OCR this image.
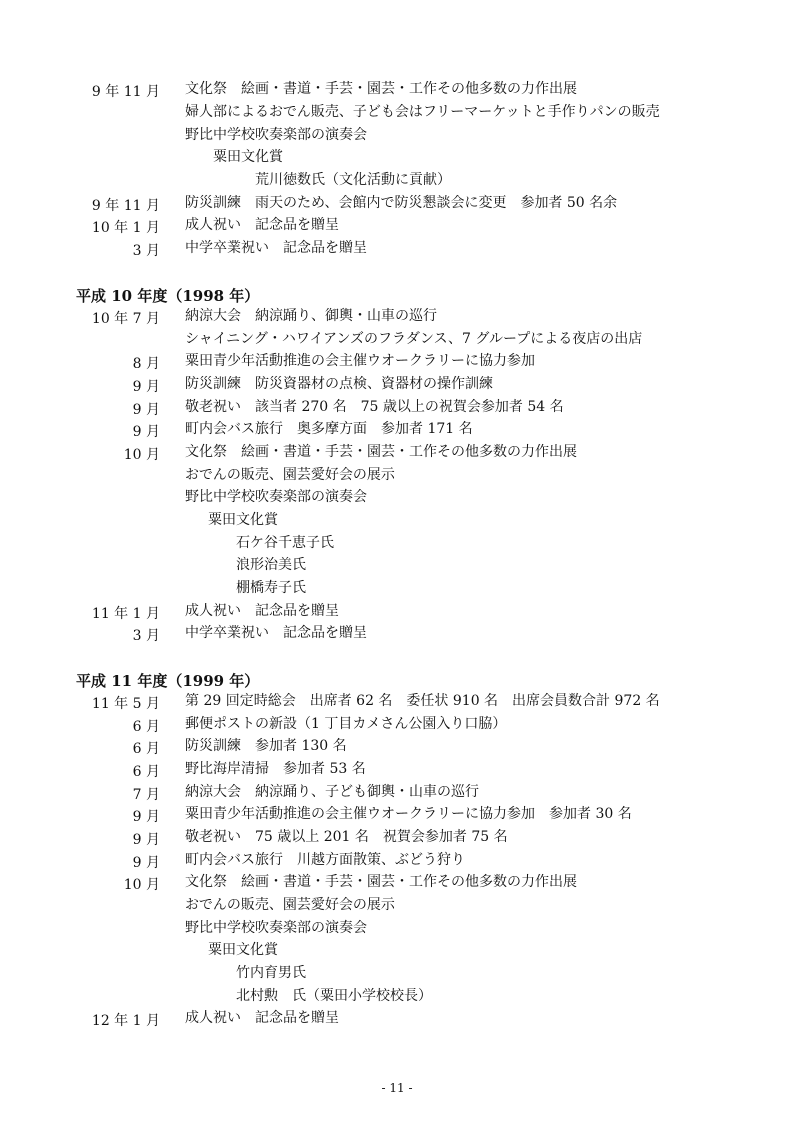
9 年 11 月 文化祭　絵画・書道・手芸・園芸・工作その他多数の力作出展
婦人部によるおでん販売、子ども会はフリーマーケットと手作りパンの販売
野比中学校吹奏楽部の演奏会
　　粟田文化賞
　　　　　荒川徳数氏（文化活動に貢献）
9 年 11 月 防災訓練　雨天のため、会館内で防災懇談会に変更　参加者 50 名余
10 年 1 月 成人祝い　記念品を贈呈
3 月 中学卒業祝い　記念品を贈呈
平成 10 年度（1998 年）
10 年 7 月 納涼大会　納涼踊り、御輿・山車の巡行
シャイニング・ハワイアンズのフラダンス、7 グループによる夜店の出店
8 月 粟田青少年活動推進の会主催ウオークラリーに協力参加
9 月 防災訓練　防災資器材の点検、資器材の操作訓練
9 月 敬老祝い　該当者 270 名　75 歳以上の祝賀会参加者 54 名
9 月 町内会バス旅行　奥多摩方面　参加者 171 名
10 月 文化祭　絵画・書道・手芸・園芸・工作その他多数の力作出展
おでんの販売、園芸愛好会の展示
野比中学校吹奏楽部の演奏会
　粟田文化賞
　　　石ケ谷千恵子氏
　　　浪形治美氏
　　　棚橋寿子氏
11 年 1 月 成人祝い　記念品を贈呈
3 月 中学卒業祝い　記念品を贈呈
平成 11 年度（1999 年）
11 年 5 月 第 29 回定時総会　出席者 62 名　委任状 910 名　出席会員数合計 972 名
6 月 郵便ポストの新設（1 丁目カメさん公園入り口脇）
6 月 防災訓練　参加者 130 名
6 月 野比海岸清掃　参加者 53 名
7 月 納涼大会　納涼踊り、子ども御輿・山車の巡行
9 月 粟田青少年活動推進の会主催ウオークラリーに協力参加　参加者 30 名
9 月 敬老祝い　75 歳以上 201 名　祝賀会参加者 75 名
9 月 町内会バス旅行　川越方面散策、ぶどう狩り
10 月 文化祭　絵画・書道・手芸・園芸・工作その他多数の力作出展
おでんの販売、園芸愛好会の展示
野比中学校吹奏楽部の演奏会
　粟田文化賞
　　　竹内育男氏
　　　北村勲　氏（粟田小学校校長）
12 年 1 月 成人祝い　記念品を贈呈
- 11 -
